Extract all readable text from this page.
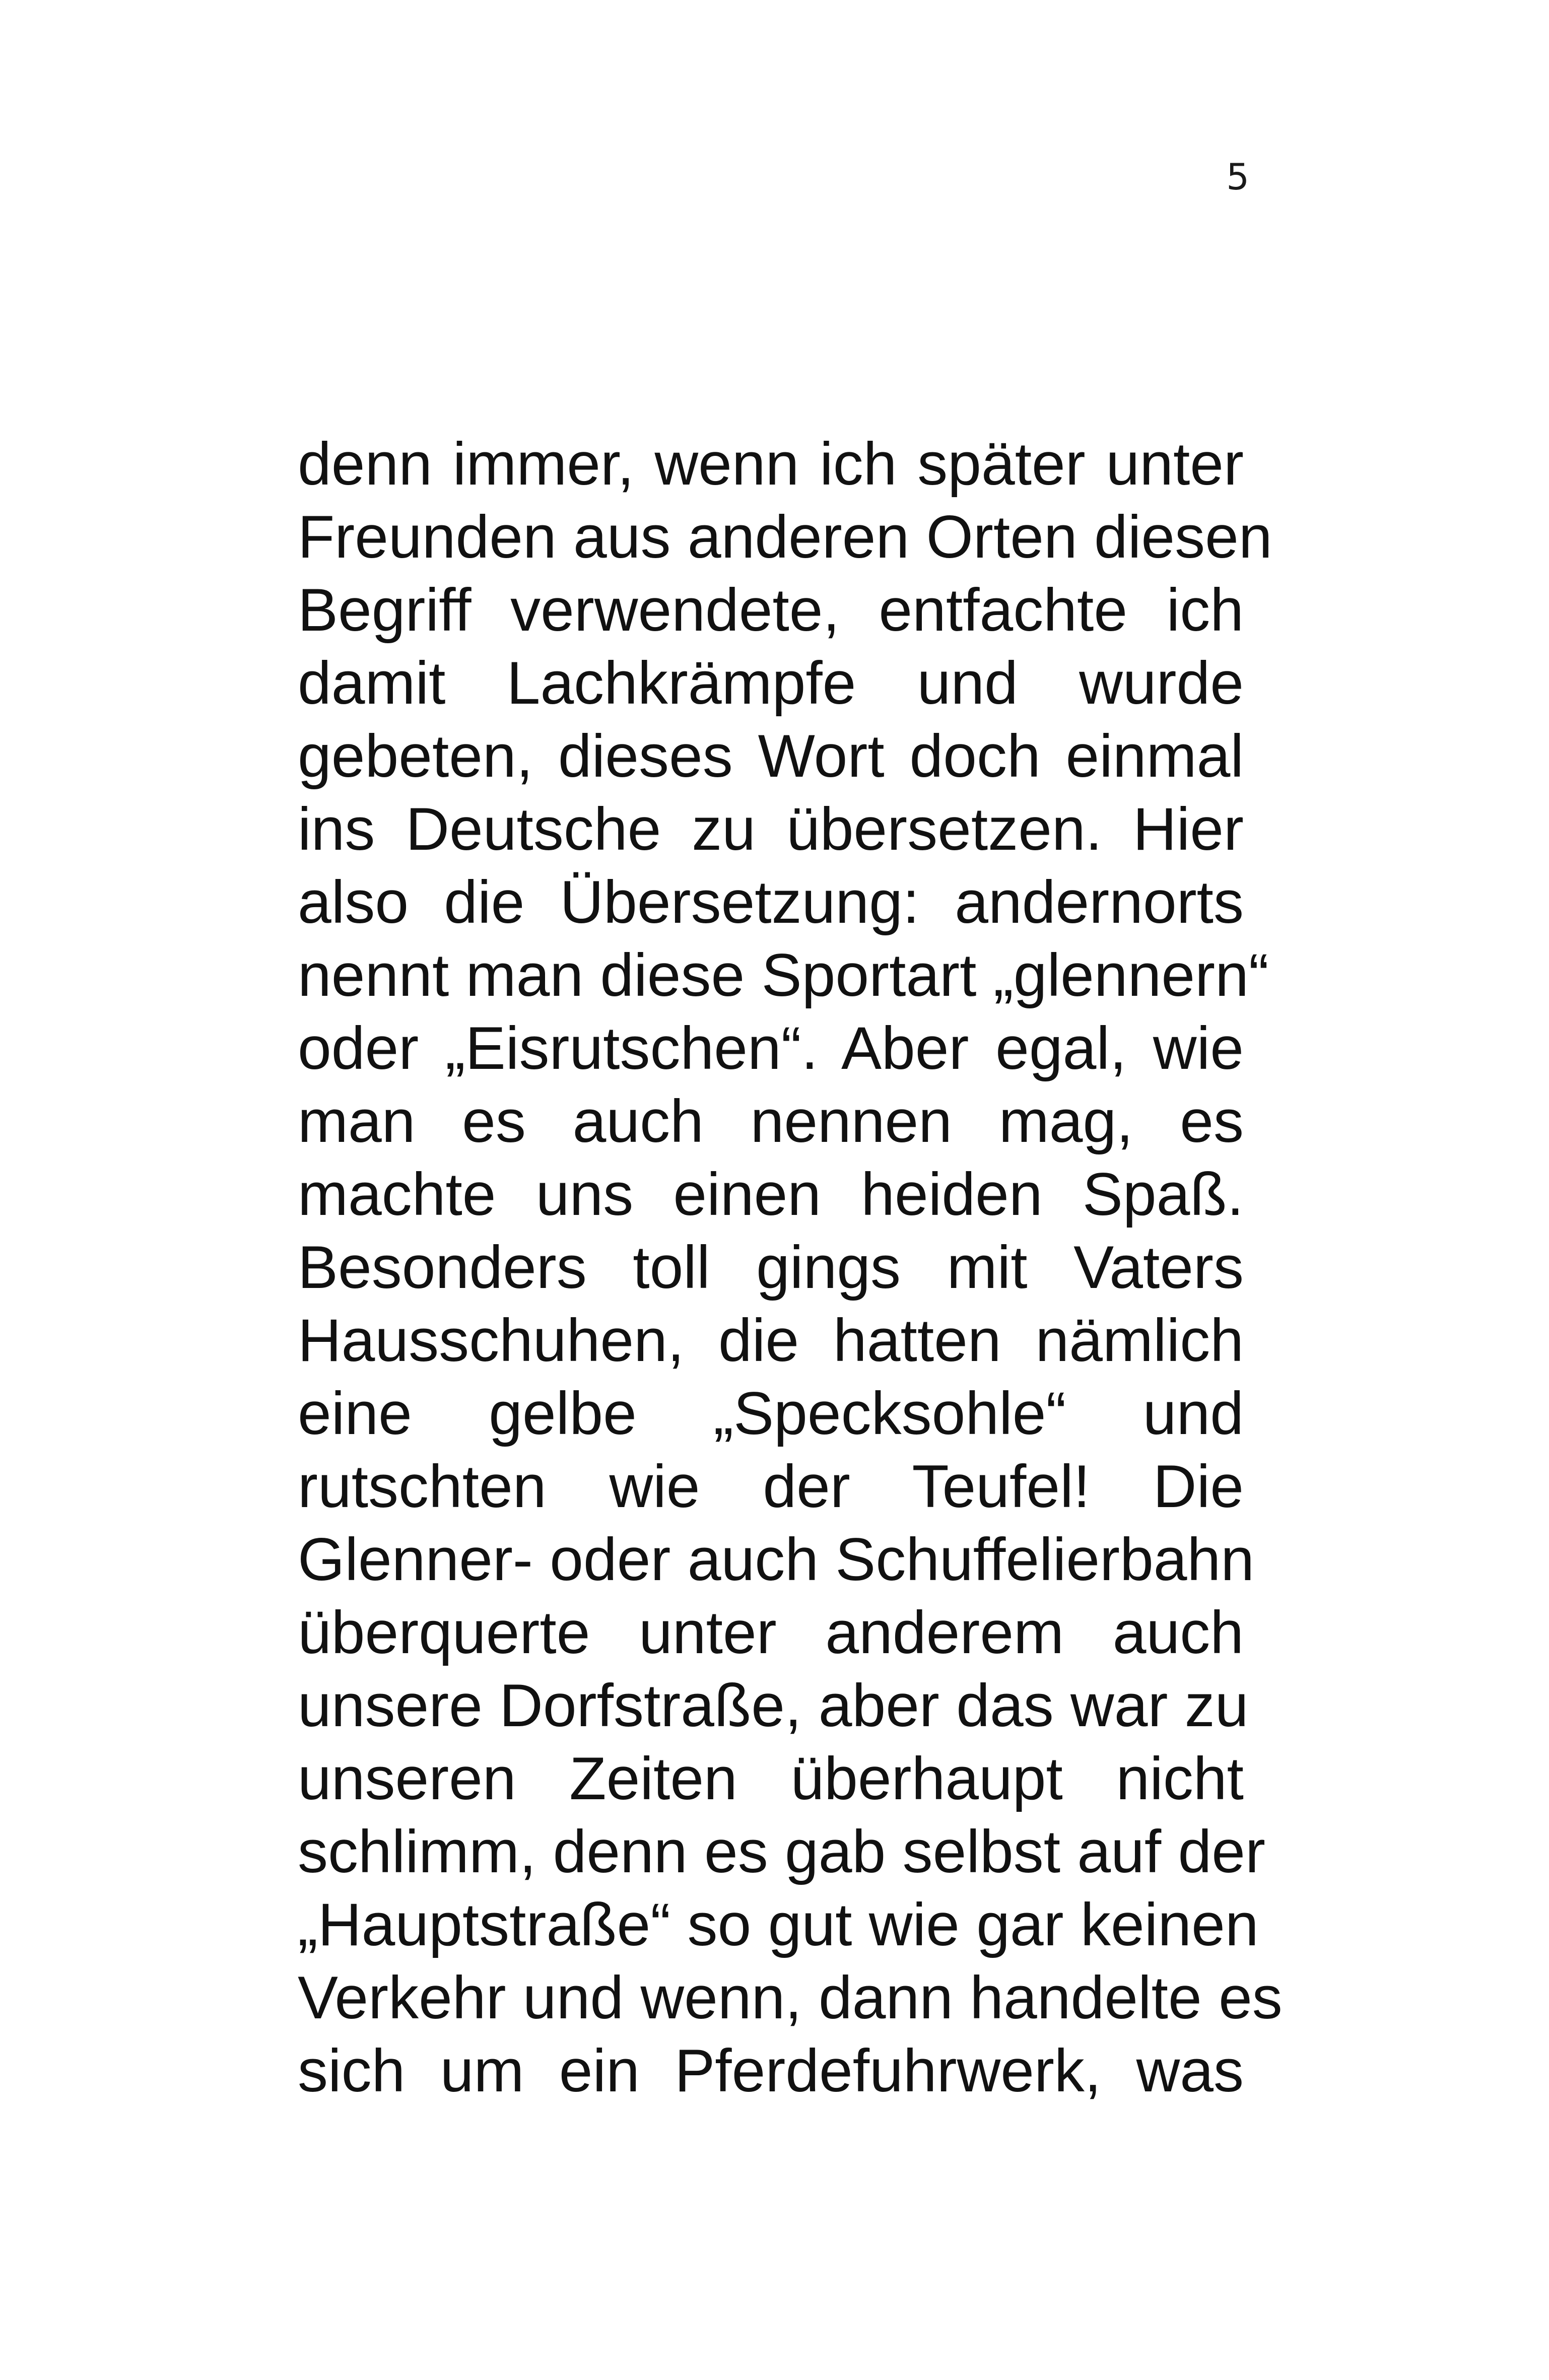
5
denn immer, wenn ich später unter
Freunden aus anderen Orten diesen
Begriff verwendete, entfachte ich
damit Lachkrämpfe und wurde
gebeten, dieses Wort doch einmal
ins Deutsche zu übersetzen. Hier
also die Übersetzung: andernorts
nennt man diese Sportart „glennern“
oder „Eisrutschen“. Aber egal, wie
man es auch nennen mag, es
machte uns einen heiden Spaß.
Besonders toll gings mit Vaters
Hausschuhen, die hatten nämlich
eine gelbe „Specksohle“ und
rutschten wie der Teufel! Die
Glenner- oder auch Schuffelierbahn
überquerte unter anderem auch
unsere Dorfstraße, aber das war zu
unseren Zeiten überhaupt nicht
schlimm, denn es gab selbst auf der
„Hauptstraße“ so gut wie gar keinen
Verkehr und wenn, dann handelte es
sich um ein Pferdefuhrwerk, was
